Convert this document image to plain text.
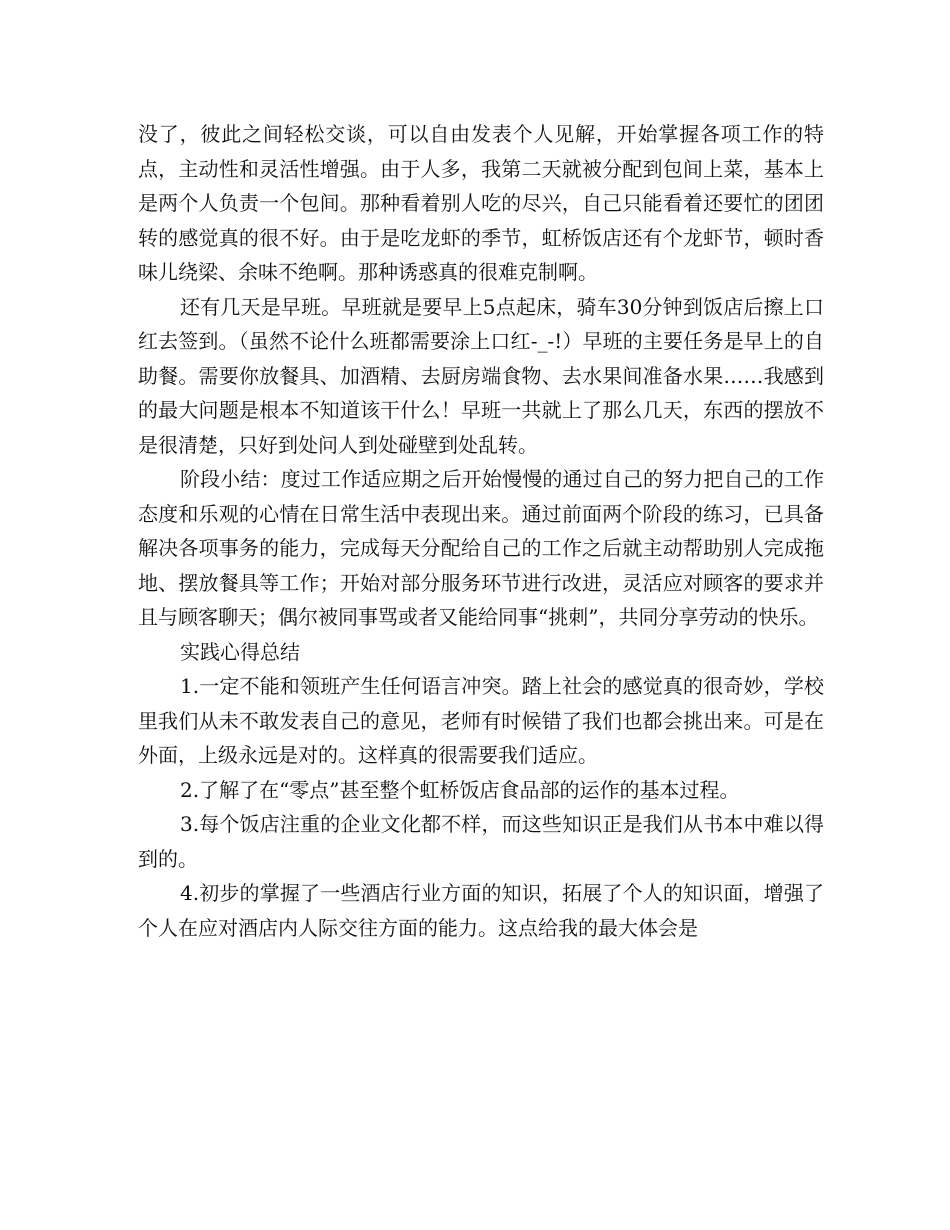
没了，彼此之间轻松交谈，可以自由发表个人见解，开始掌握各项工作的特点，主动性和灵活性增强。由于人多，我第二天就被分配到包间上菜，基本上是两个人负责一个包间。那种看着别人吃的尽兴，自己只能看着还要忙的团团转的感觉真的很不好。由于是吃龙虾的季节，虹桥饭店还有个龙虾节，顿时香味儿绕梁、余味不绝啊。那种诱惑真的很难克制啊。

还有几天是早班。早班就是要早上5点起床，骑车30分钟到饭店后擦上口红去签到。（虽然不论什么班都需要涂上口红-_-!）早班的主要任务是早上的自助餐。需要你放餐具、加酒精、去厨房端食物、去水果间准备水果……我感到的最大问题是根本不知道该干什么！早班一共就上了那么几天，东西的摆放不是很清楚，只好到处问人到处碰壁到处乱转。

阶段小结：度过工作适应期之后开始慢慢的通过自己的努力把自己的工作态度和乐观的心情在日常生活中表现出来。通过前面两个阶段的练习，已具备解决各项事务的能力，完成每天分配给自己的工作之后就主动帮助别人完成拖地、摆放餐具等工作；开始对部分服务环节进行改进，灵活应对顾客的要求并且与顾客聊天；偶尔被同事骂或者又能给同事“挑刺”，共同分享劳动的快乐。

实践心得总结

1.一定不能和领班产生任何语言冲突。踏上社会的感觉真的很奇妙，学校里我们从未不敢发表自己的意见，老师有时候错了我们也都会挑出来。可是在外面，上级永远是对的。这样真的很需要我们适应。

2.了解了在“零点”甚至整个虹桥饭店食品部的运作的基本过程。

3.每个饭店注重的企业文化都不样，而这些知识正是我们从书本中难以得到的。

4.初步的掌握了一些酒店行业方面的知识，拓展了个人的知识面，增强了个人在应对酒店内人际交往方面的能力。这点给我的最大体会是
